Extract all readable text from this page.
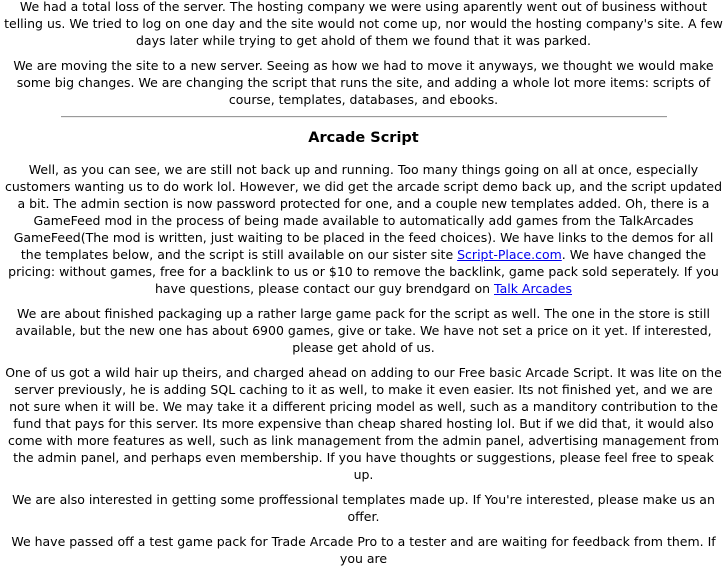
We had a total loss of the server. The hosting company we were using aparently went out of business without telling us. We tried to log on one day and the site would not come up, nor would the hosting company's site. A few days later while trying to get ahold of them we found that it was parked.

We are moving the site to a new server. Seeing as how we had to move it anyways, we thought we would make some big changes. We are changing the script that runs the site, and adding a whole lot more items: scripts of course, templates, databases, and ebooks.

Arcade Script

Well, as you can see, we are still not back up and running. Too many things going on all at once, especially customers wanting us to do work lol. However, we did get the arcade script demo back up, and the script updated a bit. The admin section is now password protected for one, and a couple new templates added. Oh, there is a GameFeed mod in the process of being made available to automatically add games from the TalkArcades GameFeed(The mod is written, just waiting to be placed in the feed choices). We have links to the demos for all the templates below, and the script is still available on our sister site Script-Place.com. We have changed the pricing: without games, free for a backlink to us or $10 to remove the backlink, game pack sold seperately. If you have questions, please contact our guy brendgard on Talk Arcades

We are about finished packaging up a rather large game pack for the script as well. The one in the store is still available, but the new one has about 6900 games, give or take. We have not set a price on it yet. If interested, please get ahold of us.

One of us got a wild hair up theirs, and charged ahead on adding to our Free basic Arcade Script. It was lite on the server previously, he is adding SQL caching to it as well, to make it even easier. Its not finished yet, and we are not sure when it will be. We may take it a different pricing model as well, such as a manditory contribution to the fund that pays for this server. Its more expensive than cheap shared hosting lol. But if we did that, it would also come with more features as well, such as link management from the admin panel, advertising management from the admin panel, and perhaps even membership. If you have thoughts or suggestions, please feel free to speak up.

We are also interested in getting some proffessional templates made up. If You're interested, please make us an offer.

We have passed off a test game pack for Trade Arcade Pro to a tester and are waiting for feedback from them. If you are
